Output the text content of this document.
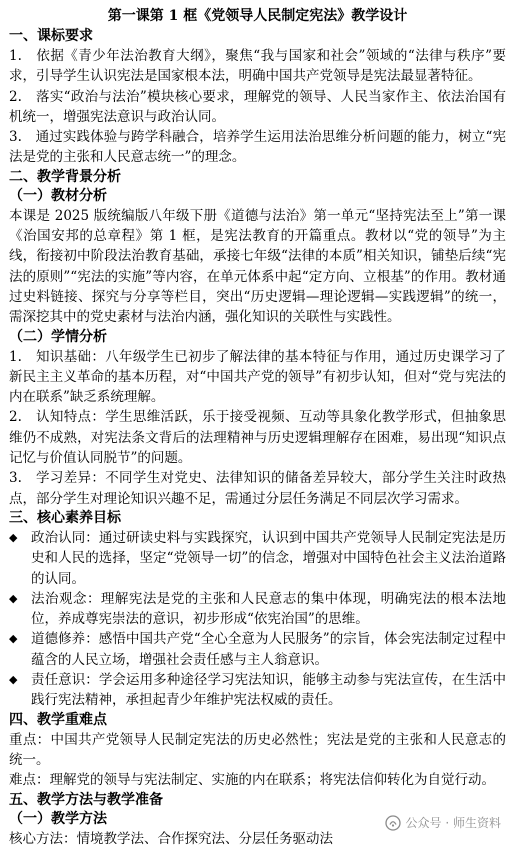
第一课第 1 框《党领导人民制定宪法》教学设计
一、课标要求
1.　依据《青少年法治教育大纲》，聚焦“我与国家和社会”领域的“法律与秩序”要求，引导学生认识宪法是国家根本法，明确中国共产党领导是宪法最显著特征。
2.　落实“政治与法治”模块核心要求，理解党的领导、人民当家作主、依法治国有机统一，增强宪法意识与政治认同。
3.　通过实践体验与跨学科融合，培养学生运用法治思维分析问题的能力，树立“宪法是党的主张和人民意志统一”的理念。
二、教学背景分析
（一）教材分析
本课是 2025 版统编版八年级下册《道德与法治》第一单元“坚持宪法至上”第一课《治国安邦的总章程》第 1 框，是宪法教育的开篇重点。教材以“党的领导”为主线，衔接初中阶段法治教育基础，承接七年级“法律的本质”相关知识，铺垫后续“宪法的原则”“宪法的实施”等内容，在单元体系中起“定方向、立根基”的作用。教材通过史料链接、探究与分享等栏目，突出“历史逻辑—理论逻辑—实践逻辑”的统一，需深挖其中的党史素材与法治内涵，强化知识的关联性与实践性。
（二）学情分析
1.　知识基础：八年级学生已初步了解法律的基本特征与作用，通过历史课学习了新民主主义革命的基本历程，对“中国共产党的领导”有初步认知，但对“党与宪法的内在联系”缺乏系统理解。
2.　认知特点：学生思维活跃，乐于接受视频、互动等具象化教学形式，但抽象思维仍不成熟，对宪法条文背后的法理精神与历史逻辑理解存在困难，易出现“知识点记忆与价值认同脱节”的问题。
3.　学习差异：不同学生对党史、法律知识的储备差异较大，部分学生关注时政热点，部分学生对理论知识兴趣不足，需通过分层任务满足不同层次学习需求。
三、核心素养目标
◆ 政治认同：通过研读史料与实践探究，认识到中国共产党领导人民制定宪法是历史和人民的选择，坚定“党领导一切”的信念，增强对中国特色社会主义法治道路的认同。
◆ 法治观念：理解宪法是党的主张和人民意志的集中体现，明确宪法的根本法地位，养成尊宪崇法的意识，初步形成“依宪治国”的思维。
◆ 道德修养：感悟中国共产党“全心全意为人民服务”的宗旨，体会宪法制定过程中蕴含的人民立场，增强社会责任感与主人翁意识。
◆ 责任意识：学会运用多种途径学习宪法知识，能够主动参与宪法宣传，在生活中践行宪法精神，承担起青少年维护宪法权威的责任。
四、教学重难点
重点：中国共产党领导人民制定宪法的历史必然性；宪法是党的主张和人民意志的统一。
难点：理解党的领导与宪法制定、实施的内在联系；将宪法信仰转化为自觉行动。
五、教学方法与教学准备
（一）教学方法
核心方法：情境教学法、合作探究法、分层任务驱动法
公众号 · 师生资料
